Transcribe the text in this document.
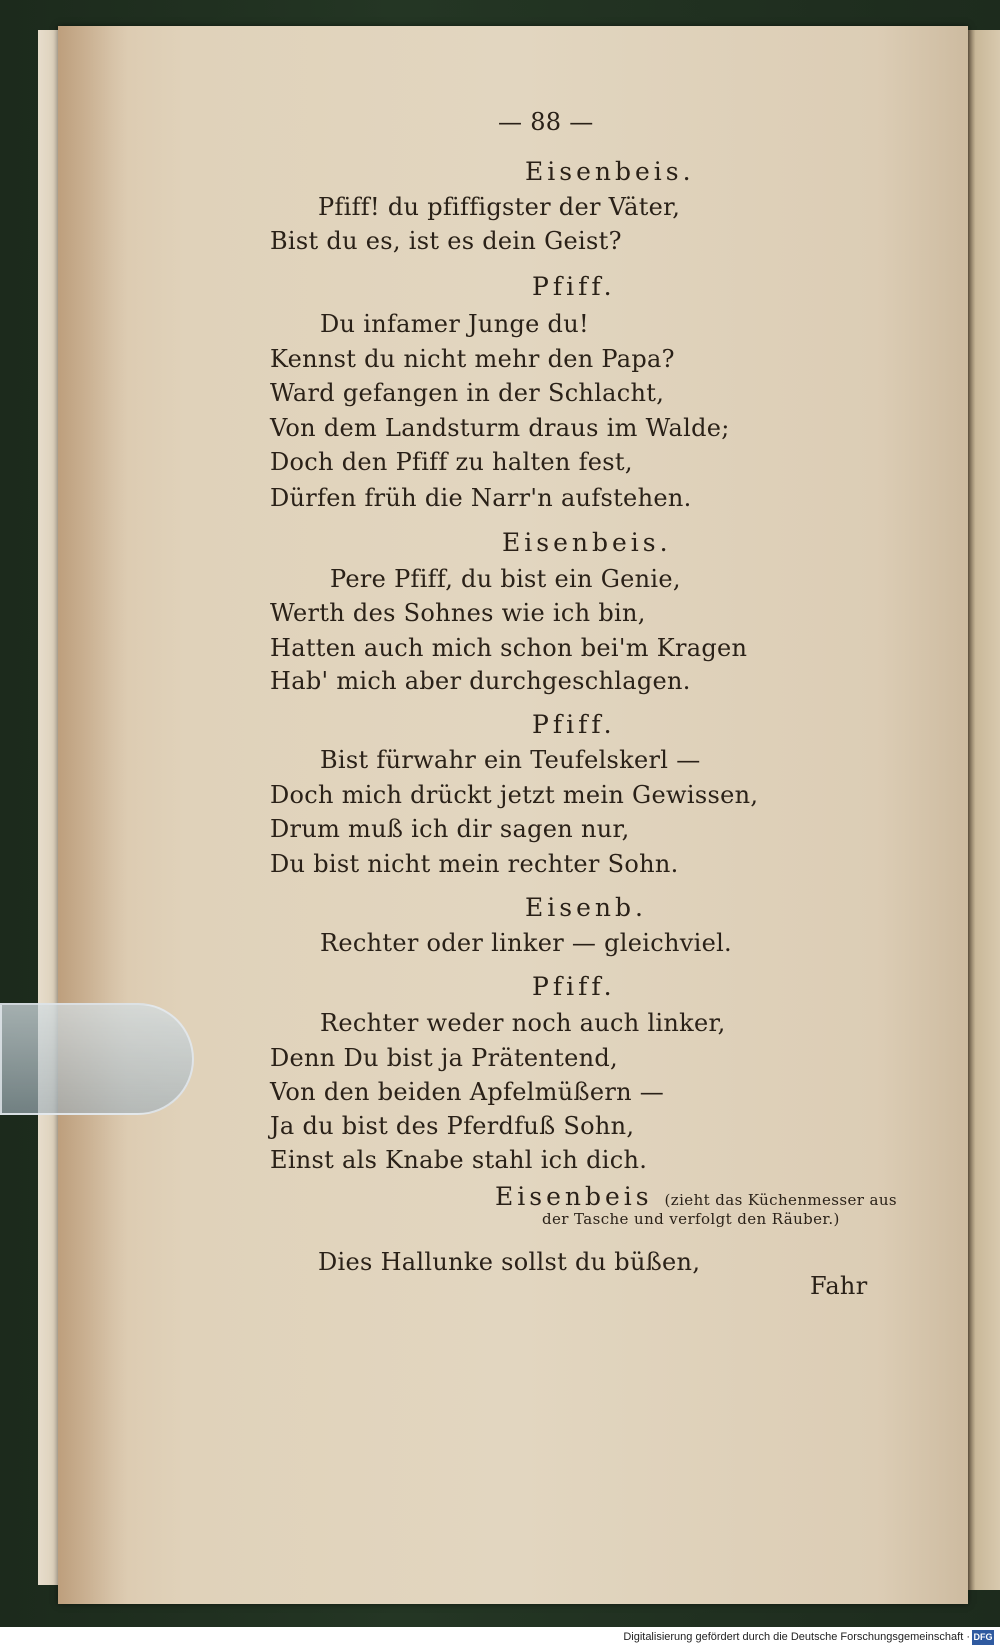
— 88 —
Eisenbeis.
Pfiff! du pfiffigster der Väter,
Bist du es, ist es dein Geist?
Pfiff.
Du infamer Junge du!
Kennst du nicht mehr den Papa?
Ward gefangen in der Schlacht,
Von dem Landsturm draus im Walde;
Doch den Pfiff zu halten fest,
Dürfen früh die Narr'n aufstehen.
Eisenbeis.
Pere Pfiff, du bist ein Genie,
Werth des Sohnes wie ich bin,
Hatten auch mich schon bei'm Kragen
Hab' mich aber durchgeschlagen.
Pfiff.
Bist fürwahr ein Teufelskerl —
Doch mich drückt jetzt mein Gewissen,
Drum muß ich dir sagen nur,
Du bist nicht mein rechter Sohn.
Eisenb.
Rechter oder linker — gleichviel.
Pfiff.
Rechter weder noch auch linker,
Denn Du bist ja Prätentend,
Von den beiden Apfelmüßern —
Ja du bist des Pferdfuß Sohn,
Einst als Knabe stahl ich dich.
Eisenbeis (zieht das Küchenmesser aus
der Tasche und verfolgt den Räuber.)
Dies Hallunke sollst du büßen,
Fahr
Digitalisierung gefördert durch die Deutsche Forschungsgemeinschaft · DFG
